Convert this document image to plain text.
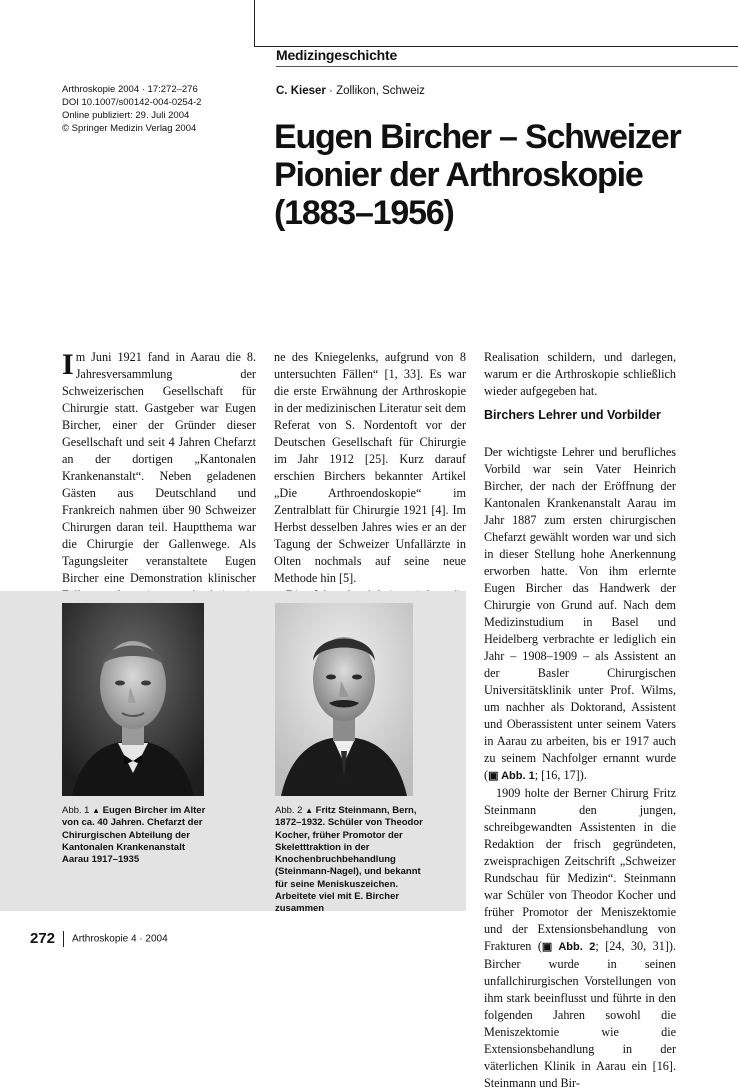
Medizingeschichte
Arthroskopie 2004 · 17:272–276
DOI 10.1007/s00142-004-0254-2
Online publiziert: 29. Juli 2004
© Springer Medizin Verlag 2004
C. Kieser · Zollikon, Schweiz
Eugen Bircher – Schweizer
Pionier der Arthroskopie
(1883–1956)

Im Juni 1921 fand in Aarau die 8. Jahresversammlung der Schweizerischen Gesellschaft für Chirurgie statt. Gastgeber war Eugen Bircher, einer der Gründer dieser Gesellschaft und seit 4 Jahren Chefarzt an der dortigen „Kantonalen Krankenanstalt“. Neben geladenen Gästen aus Deutschland und Frankreich nahmen über 90 Schweizer Chirurgen daran teil. Hauptthema war die Chirurgie der Gallenwege. Als Tagungsleiter veranstaltete Eugen Bircher eine Demonstration klinischer

ne des Kniegelenks, aufgrund von 8 untersuchten Fällen“ [1, 33]. Es war die erste Erwähnung der Arthroskopie in der medizinischen Literatur seit dem Referat von S. Nordentoft vor der Deutschen Gesellschaft für Chirurgie im Jahr 1912 [25]. Kurz darauf erschien Birchers bekannter Artikel „Die Arthroendoskopie“ im Zentralblatt für Chirurgie 1921 [4]. Im Herbst desselben Jahres wies er an der Tagung der Schweizer Unfallärzte in Olten nochmals auf seine neue Methode hin [5].

Realisation schildern, und darlegen, warum er die Arthroskopie schließlich wieder aufgegeben hat.

Birchers Lehrer und Vorbilder

Der wichtigste Lehrer und berufliches Vorbild war sein Vater Heinrich Bircher, der nach der Eröffnung der Kantonalen Krankenanstalt Aarau im Jahr 1887 zum ersten chirurgischen Chefarzt gewählt worden war und sich in dieser Stellung hohe Anerkennung erworben hatte. Von ihm erlernte Eugen Bircher das Handwerk der Chirurgie von Grund auf. Nach dem Medizinstudium in Basel und Heidelberg verbrachte er lediglich ein Jahr – 1908–1909 – als Assistent an der Basler Chirurgischen Universitätsklinik unter Prof. Wilms, um nachher als Doktorand, Assistent und Oberassistent unter seinem Vaters in Aarau zu arbeiten, bis er 1917 auch zu seinem Nachfolger ernannt wurde (▣ Abb. 1; [16, 17]).

1909 holte der Berner Chirurg Fritz Steinmann den jungen, schreibgewandten Assistenten in die Redaktion der frisch gegründeten, zweisprachigen Zeitschrift „Schweizer Rundschau für Medizin“. Steinmann war Schüler von Theodor Kocher und früher Promotor der Meniszektomie und der Extensionsbehandlung von Frakturen (▣ Abb. 2; [24, 30, 31]). Bircher wurde in seinen unfallchirurgischen Vorstellungen von ihm stark beeinflusst und führte in den folgenden Jahren sowohl die Meniszektomie wie die Extensionsbehandlung in der väterlichen Klinik in Aarau ein [16]. Steinmann und Bir-

Abb. 1 ▲ Eugen Bircher im Alter von ca. 40 Jahren. Chefarzt der Chirurgischen Abteilung der Kantonalen Krankenanstalt Aarau 1917–1935
Abb. 2 ▲ Fritz Steinmann, Bern, 1872–1932. Schüler von Theodor Kocher, früher Promotor der Skeletttraktion in der Knochenbruchbehandlung (Steinmann-Nagel), und bekannt für seine Meniskuszeichen. Arbeitete viel mit E. Bircher zusammen
272 Arthroskopie 4 · 2004
